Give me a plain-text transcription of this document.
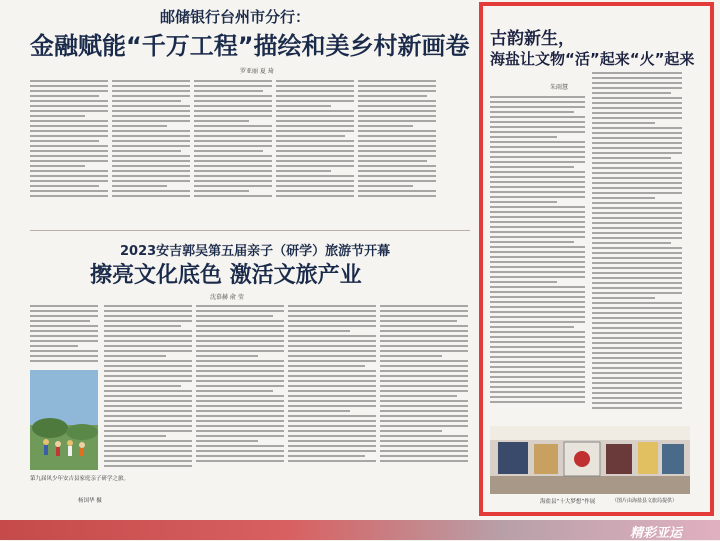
邮储银行台州市分行：
金融赋能“千万工程”描绘和美乡村新画卷
罗亚丽 夏 琦
2023安吉郭吴第五届亲子（研学）旅游节开幕
擦亮文化底色 激活文旅产业
沈慕赫 俞 莹
第九届风少年安吉县家庭亲子研学之旅。
杨国华 摄
古韵新生，
海盐让文物“活”起来“火”起来
朱雨慧
海盐县“十大梦想”作展	（图片由海盐县文旅局提供）
精彩亚运
